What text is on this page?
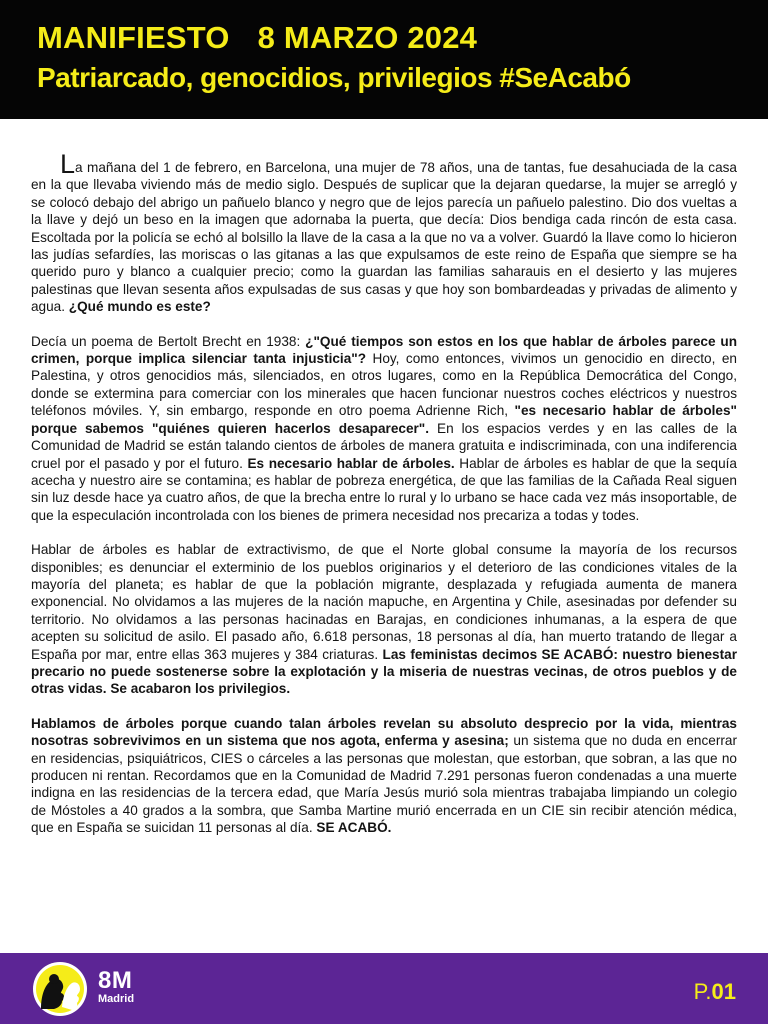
MANIFIESTO 8 MARZO 2024
Patriarcado, genocidios, privilegios #SeAcabó

La mañana del 1 de febrero, en Barcelona, una mujer de 78 años, una de tantas, fue desahuciada de la casa en la que llevaba viviendo más de medio siglo. Después de suplicar que la dejaran quedarse, la mujer se arregló y se colocó debajo del abrigo un pañuelo blanco y negro que de lejos parecía un pañuelo palestino. Dio dos vueltas a la llave y dejó un beso en la imagen que adornaba la puerta, que decía: Dios bendiga cada rincón de esta casa. Escoltada por la policía se echó al bolsillo la llave de la casa a la que no va a volver. Guardó la llave como lo hicieron las judías sefardíes, las moriscas o las gitanas a las que expulsamos de este reino de España que siempre se ha querido puro y blanco a cualquier precio; como la guardan las familias saharauis en el desierto y las mujeres palestinas que llevan sesenta años expulsadas de sus casas y que hoy son bombardeadas y privadas de alimento y agua. ¿Qué mundo es este?

Decía un poema de Bertolt Brecht en 1938: ¿"Qué tiempos son estos en los que hablar de árboles parece un crimen, porque implica silenciar tanta injusticia"? Hoy, como entonces, vivimos un genocidio en directo, en Palestina, y otros genocidios más, silenciados, en otros lugares, como en la República Democrática del Congo, donde se extermina para comerciar con los minerales que hacen funcionar nuestros coches eléctricos y nuestros teléfonos móviles. Y, sin embargo, responde en otro poema Adrienne Rich, "es necesario hablar de árboles" porque sabemos "quiénes quieren hacerlos desaparecer". En los espacios verdes y en las calles de la Comunidad de Madrid se están talando cientos de árboles de manera gratuita e indiscriminada, con una indiferencia cruel por el pasado y por el futuro. Es necesario hablar de árboles. Hablar de árboles es hablar de que la sequía acecha y nuestro aire se contamina; es hablar de pobreza energética, de que las familias de la Cañada Real siguen sin luz desde hace ya cuatro años, de que la brecha entre lo rural y lo urbano se hace cada vez más insoportable, de que la especulación incontrolada con los bienes de primera necesidad nos precariza a todas y todes.

Hablar de árboles es hablar de extractivismo, de que el Norte global consume la mayoría de los recursos disponibles; es denunciar el exterminio de los pueblos originarios y el deterioro de las condiciones vitales de la mayoría del planeta; es hablar de que la población migrante, desplazada y refugiada aumenta de manera exponencial. No olvidamos a las mujeres de la nación mapuche, en Argentina y Chile, asesinadas por defender su territorio. No olvidamos a las personas hacinadas en Barajas, en condiciones inhumanas, a la espera de que acepten su solicitud de asilo. El pasado año, 6.618 personas, 18 personas al día, han muerto tratando de llegar a España por mar, entre ellas 363 mujeres y 384 criaturas. Las feministas decimos SE ACABÓ: nuestro bienestar precario no puede sostenerse sobre la explotación y la miseria de nuestras vecinas, de otros pueblos y de otras vidas. Se acabaron los privilegios.

Hablamos de árboles porque cuando talan árboles revelan su absoluto desprecio por la vida, mientras nosotras sobrevivimos en un sistema que nos agota, enferma y asesina; un sistema que no duda en encerrar en residencias, psiquiátricos, CIES o cárceles a las personas que molestan, que estorban, que sobran, a las que no producen ni rentan. Recordamos que en la Comunidad de Madrid 7.291 personas fueron condenadas a una muerte indigna en las residencias de la tercera edad, que María Jesús murió sola mientras trabajaba limpiando un colegio de Móstoles a 40 grados a la sombra, que Samba Martine murió encerrada en un CIE sin recibir atención médica, que en España se suicidan 11 personas al día. SE ACABÓ.

8M
Madrid	P.01
